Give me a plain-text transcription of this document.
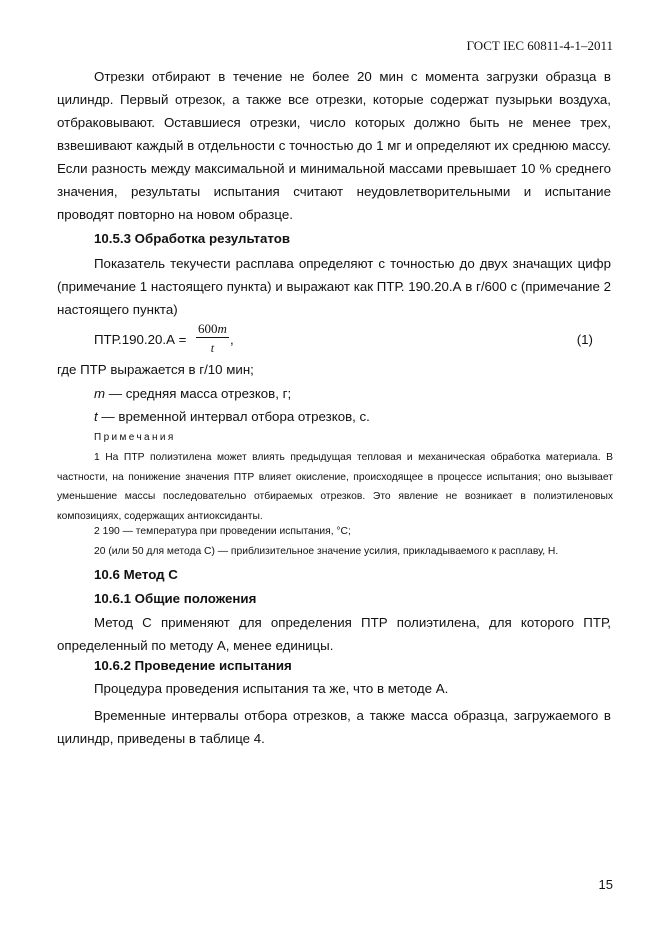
ГОСТ IEC 60811-4-1–2011
Отрезки отбирают в течение не более 20 мин с момента загрузки образца в цилиндр. Первый отрезок, а также все отрезки, которые содержат пузырьки воздуха, отбраковывают. Оставшиеся отрезки, число которых должно быть не менее трех, взвешивают каждый в отдельности с точностью до 1 мг и определяют их среднюю массу. Если разность между максимальной и минимальной массами превышает 10 % среднего значения, результаты испытания считают неудовлетворительными и испытание проводят повторно на новом образце.
10.5.3 Обработка результатов
Показатель текучести расплава определяют с точностью до двух значащих цифр (примечание 1 настоящего пункта) и выражают как ПТР. 190.20.А в г/600 с (примечание 2 настоящего пункта)
$ПТР.190.20.А = \frac{600m}{t}$ ,	(1)
где ПТР выражается в г/10 мин;
m — средняя масса отрезков, г;
t — временной интервал отбора отрезков, с.
Примечания
1 На ПТР полиэтилена может влиять предыдущая тепловая и механическая обработка материала. В частности, на понижение значения ПТР влияет окисление, происходящее в процессе испытания; оно вызывает уменьшение массы последовательно отбираемых отрезков. Это явление не возникает в полиэтиленовых композициях, содержащих антиоксиданты.
2 190 — температура при проведении испытания, °С;
20 (или 50 для метода С) — приблизительное значение усилия, прикладываемого к расплаву, Н.
10.6 Метод С
10.6.1 Общие положения
Метод С применяют для определения ПТР полиэтилена, для которого ПТР, определенный по методу А, менее единицы.
10.6.2 Проведение испытания
Процедура проведения испытания та же, что в методе А.
Временные интервалы отбора отрезков, а также масса образца, загружаемого в цилиндр, приведены в таблице 4.
15
